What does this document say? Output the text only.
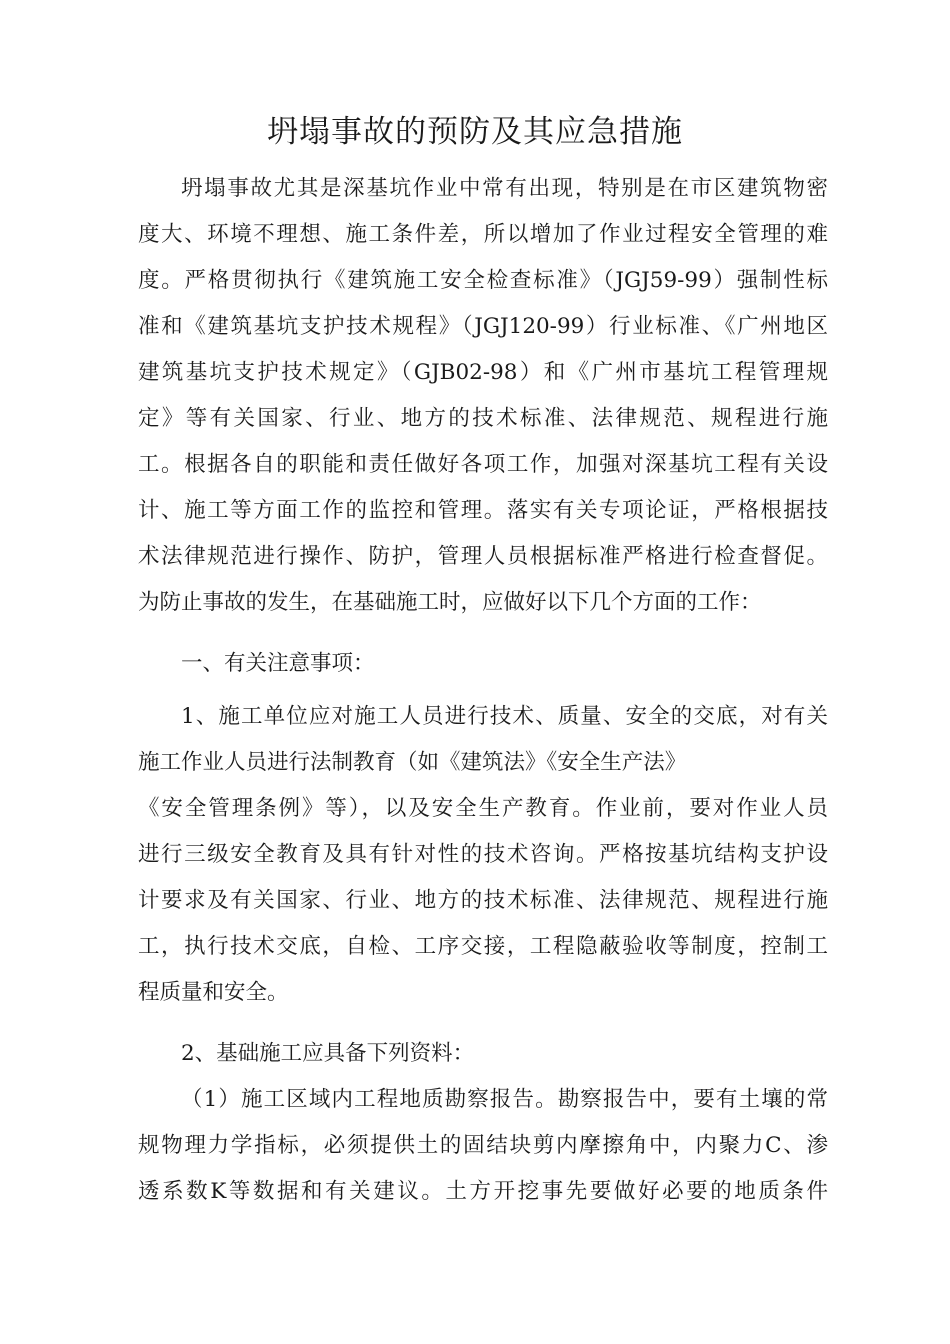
坍塌事故的预防及其应急措施
坍塌事故尤其是深基坑作业中常有出现，特别是在市区建筑物密
度大、环境不理想、施工条件差，所以增加了作业过程安全管理的难
度。严格贯彻执行《建筑施工安全检查标准》（JGJ59-99）强制性标
准和《建筑基坑支护技术规程》（JGJ120-99）行业标准、《广州地区
建筑基坑支护技术规定》（GJB02-98）和《广州市基坑工程管理规
定》等有关国家、行业、地方的技术标准、法律规范、规程进行施
工。根据各自的职能和责任做好各项工作，加强对深基坑工程有关设
计、施工等方面工作的监控和管理。落实有关专项论证，严格根据技
术法律规范进行操作、防护，管理人员根据标准严格进行检查督促。
为防止事故的发生，在基础施工时，应做好以下几个方面的工作：
一、有关注意事项：
1、施工单位应对施工人员进行技术、质量、安全的交底，对有关
施工作业人员进行法制教育（如《建筑法》《安全生产法》
《安全管理条例》等），以及安全生产教育。作业前，要对作业人员
进行三级安全教育及具有针对性的技术咨询。严格按基坑结构支护设
计要求及有关国家、行业、地方的技术标准、法律规范、规程进行施
工，执行技术交底，自检、工序交接，工程隐蔽验收等制度，控制工
程质量和安全。
2、基础施工应具备下列资料：
（1）施工区域内工程地质勘察报告。勘察报告中，要有土壤的常
规物理力学指标，必须提供土的固结块剪内摩擦角中，内聚力C、渗
透系数K等数据和有关建议。土方开挖事先要做好必要的地质条件
